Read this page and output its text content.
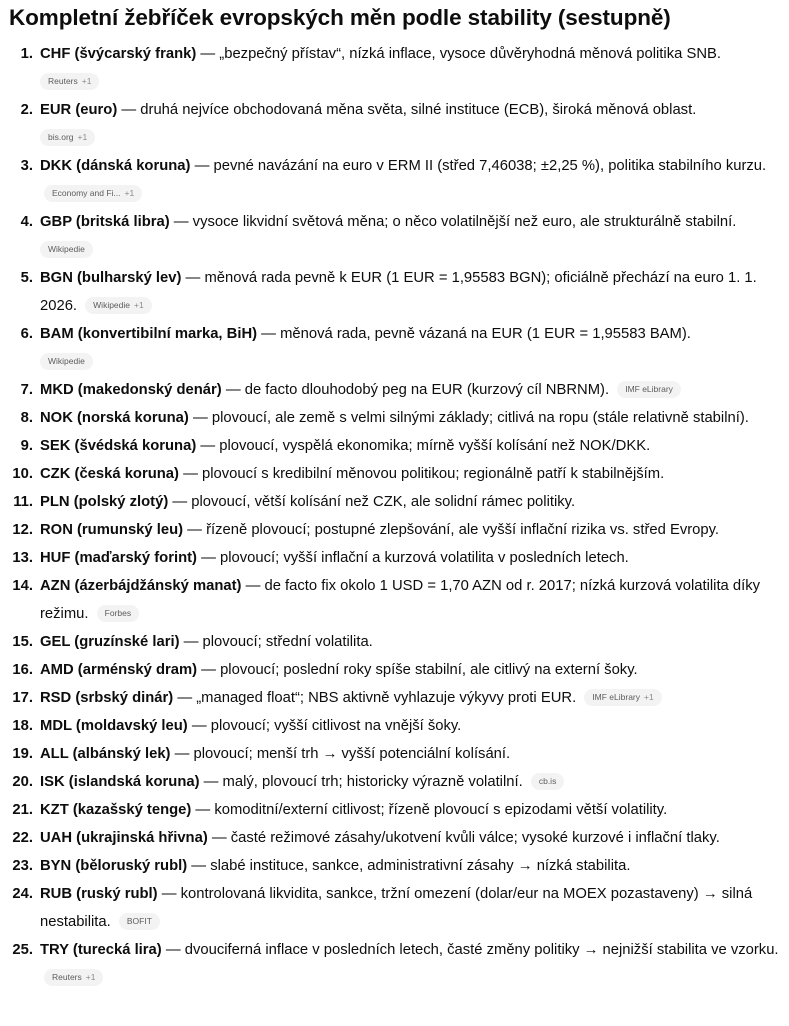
Kompletní žebříček evropských měn podle stability (sestupně)
1. CHF (švýcarský frank) — „bezpečný přístav“, nízká inflace, vysoce důvěryhodná měnová politika SNB.
Reuters +1
2. EUR (euro) — druhá nejvíce obchodovaná měna světa, silné instituce (ECB), široká měnová oblast.
bis.org +1
3. DKK (dánská koruna) — pevné navázání na euro v ERM II (střed 7,46038; ±2,25 %), politika stabilního kurzu. Economy and Fi... +1
4. GBP (britská libra) — vysoce likvidní světová měna; o něco volatilnější než euro, ale strukturálně stabilní.
Wikipedie
5. BGN (bulharský lev) — měnová rada pevně k EUR (1 EUR = 1,95583 BGN); oficiálně přechází na euro 1. 1. 2026. Wikipedie +1
6. BAM (konvertibilní marka, BiH) — měnová rada, pevně vázaná na EUR (1 EUR = 1,95583 BAM).
Wikipedie
7. MKD (makedonský denár) — de facto dlouhodobý peg na EUR (kurzový cíl NBRNM). IMF eLibrary
8. NOK (norská koruna) — plovoucí, ale země s velmi silnými základy; citlivá na ropu (stále relativně stabilní).
9. SEK (švédská koruna) — plovoucí, vyspělá ekonomika; mírně vyšší kolísání než NOK/DKK.
10. CZK (česká koruna) — plovoucí s kredibilní měnovou politikou; regionálně patří k stabilnějším.
11. PLN (polský zlotý) — plovoucí, větší kolísání než CZK, ale solidní rámec politiky.
12. RON (rumunský leu) — řízeně plovoucí; postupné zlepšování, ale vyšší inflační rizika vs. střed Evropy.
13. HUF (maďarský forint) — plovoucí; vyšší inflační a kurzová volatilita v posledních letech.
14. AZN (ázerbájdžánský manat) — de facto fix okolo 1 USD = 1,70 AZN od r. 2017; nízká kurzová volatilita díky režimu. Forbes
15. GEL (gruzínské lari) — plovoucí; střední volatilita.
16. AMD (arménský dram) — plovoucí; poslední roky spíše stabilní, ale citlivý na externí šoky.
17. RSD (srbský dinár) — „managed float“; NBS aktivně vyhlazuje výkyvy proti EUR. IMF eLibrary +1
18. MDL (moldavský leu) — plovoucí; vyšší citlivost na vnější šoky.
19. ALL (albánský lek) — plovoucí; menší trh → vyšší potenciální kolísání.
20. ISK (islandská koruna) — malý, plovoucí trh; historicky výrazně volatilní. cb.is
21. KZT (kazašský tenge) — komoditní/externí citlivost; řízeně plovoucí s epizodami větší volatility.
22. UAH (ukrajinská hřivna) — časté režimové zásahy/ukotvení kvůli válce; vysoké kurzové i inflační tlaky.
23. BYN (běloruský rubl) — slabé instituce, sankce, administrativní zásahy → nízká stabilita.
24. RUB (ruský rubl) — kontrolovaná likvidita, sankce, tržní omezení (dolar/eur na MOEX pozastaveny) → silná nestabilita. BOFIT
25. TRY (turecká lira) — dvouciferná inflace v posledních letech, časté změny politiky → nejnižší stabilita ve vzorku. Reuters +1
